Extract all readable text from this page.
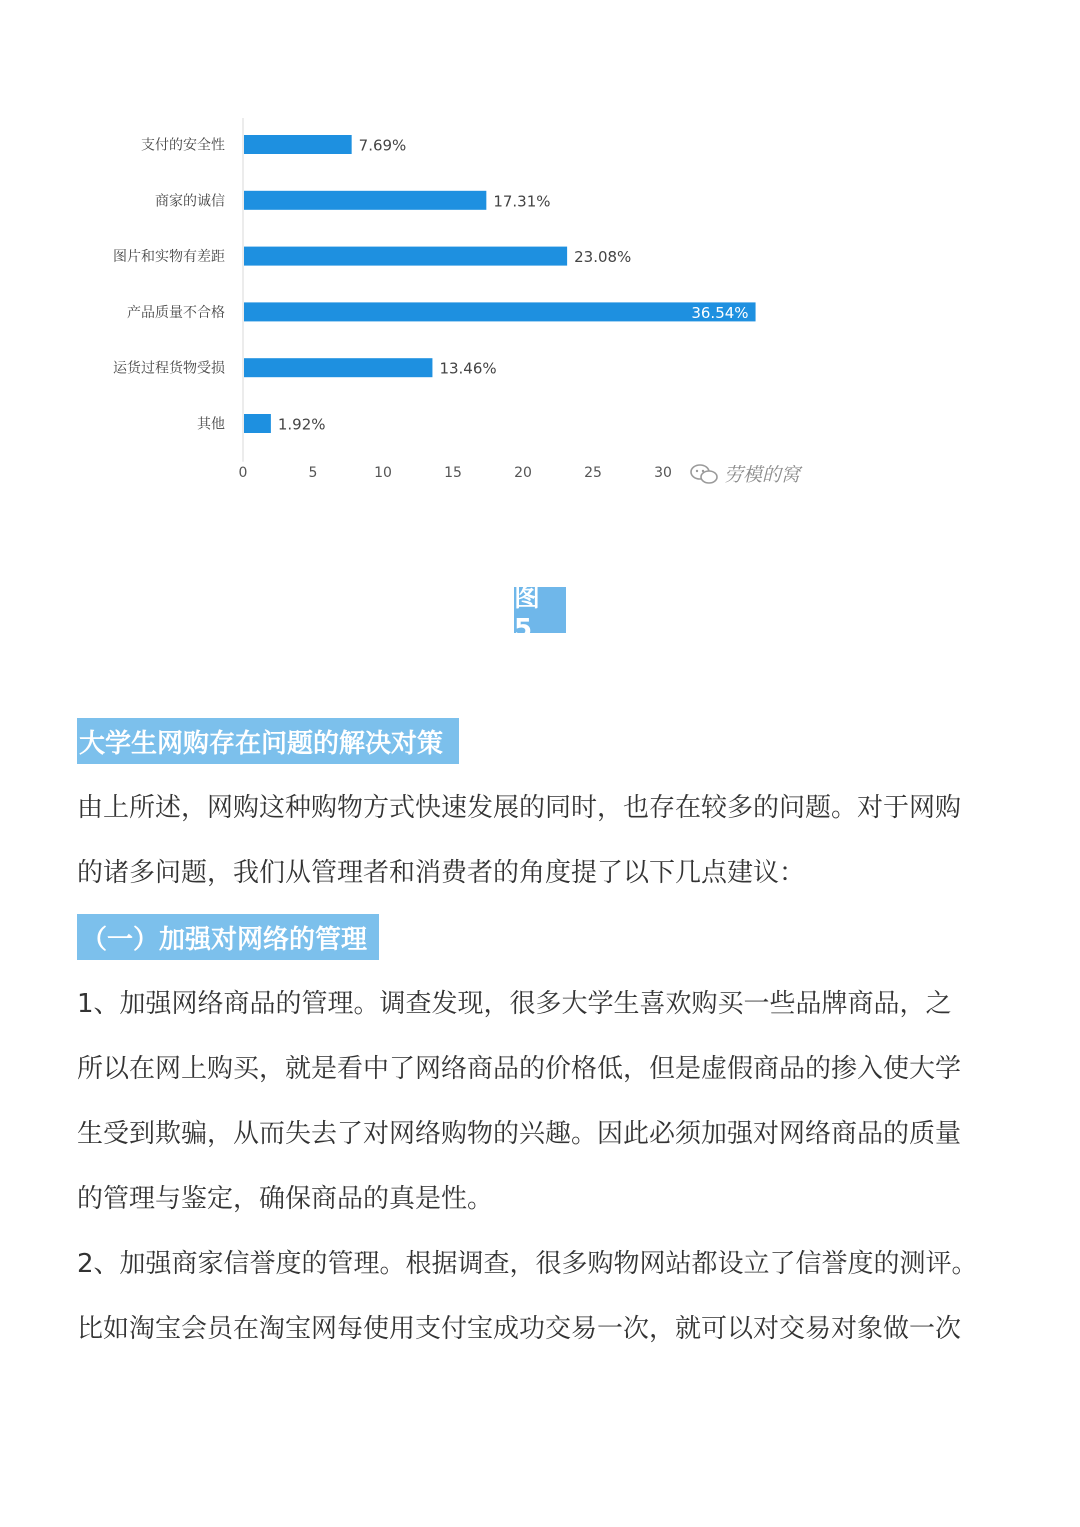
支付的安全性	7.69%
商家的诚信	17.31%
图片和实物有差距	23.08%
产品质量不合格	36.54%
运货过程货物受损	13.46%
其他	1.92%
0	5	10	15	20	25	30	劳模的窝
图 5
大学生网购存在问题的解决对策

由上所述，网购这种购物方式快速发展的同时，也存在较多的问题。对于网购
的诸多问题，我们从管理者和消费者的角度提了以下几点建议：

（一）加强对网络的管理

1、加强网络商品的管理。调查发现，很多大学生喜欢购买一些品牌商品，之
所以在网上购买，就是看中了网络商品的价格低，但是虚假商品的掺入使大学
生受到欺骗，从而失去了对网络购物的兴趣。因此必须加强对网络商品的质量
的管理与鉴定，确保商品的真是性。

2、加强商家信誉度的管理。根据调查，很多购物网站都设立了信誉度的测评。
比如淘宝会员在淘宝网每使用支付宝成功交易一次，就可以对交易对象做一次
